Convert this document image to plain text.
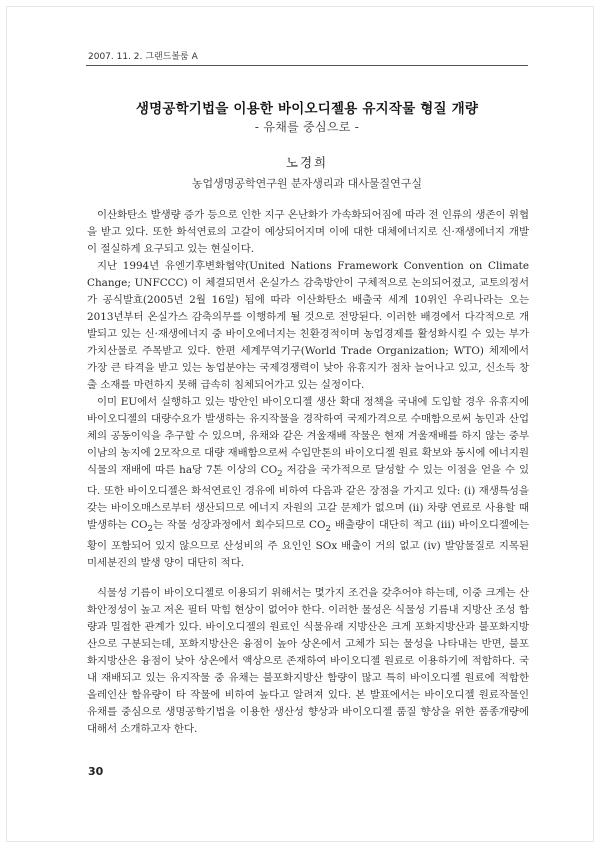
2007. 11. 2. 그랜드볼룸 A
생명공학기법을 이용한 바이오디젤용 유지작물 형질 개량
- 유채를 중심으로 -
노경희
농업생명공학연구원 분자생리과 대사물질연구실

이산화탄소 발생량 증가 등으로 인한 지구 온난화가 가속화되어짐에 따라 전 인류의 생존이 위협을 받고 있다. 또한 화석연료의 고갈이 예상되어지며 이에 대한 대체에너지로 신·재생에너지 개발이 절실하게 요구되고 있는 현실이다.

지난 1994년 유엔기후변화협약(United Nations Framework Convention on Climate Change; UNFCCC) 이 체결되면서 온실가스 감축방안이 구체적으로 논의되어졌고, 교토의정서가 공식발효(2005년 2월 16일) 됨에 따라 이산화탄소 배출국 세계 10위인 우리나라는 오는 2013년부터 온실가스 감축의무를 이행하게 될 것으로 전망된다. 이러한 배경에서 다각적으로 개발되고 있는 신·재생에너지 중 바이오에너지는 친환경적이며 농업경제를 활성화시킬 수 있는 부가가치산물로 주목받고 있다. 한편 세계무역기구(World Trade Organization; WTO) 체제에서 가장 큰 타격을 받고 있는 농업분야는 국제경쟁력이 낮아 유휴지가 점차 늘어나고 있고, 신소득 창출 소재를 마련하지 못해 급속히 침체되어가고 있는 실정이다.

이미 EU에서 실행하고 있는 방안인 바이오디젤 생산 확대 정책을 국내에 도입할 경우 유휴지에 바이오디젤의 대량수요가 발생하는 유지작물을 경작하여 국제가격으로 수매함으로써 농민과 산업체의 공동이익을 추구할 수 있으며, 유채와 같은 겨울재배 작물은 현재 겨울재배를 하지 않는 중부 이남의 농지에 2모작으로 대량 재배함으로써 수입만톤의 바이오디젤 원료 확보와 동시에 에너지원 식물의 재배에 따른 ha당 7톤 이상의 $CO_2$ 저감을 국가적으로 달성할 수 있는 이점을 얻을 수 있다. 또한 바이오디젤은 화석연료인 경유에 비하여 다음과 같은 장점을 가지고 있다: (i) 재생특성을 갖는 바이오매스로부터 생산되므로 에너지 자원의 고갈 문제가 없으며 (ii) 차량 연료로 사용할 때 발생하는 $CO_2$는 작물 성장과정에서 회수되므로 $CO_2$ 배출량이 대단히 적고 (iii) 바이오디젤에는 황이 포함되어 있지 않으므로 산성비의 주 요인인 SOx 배출이 거의 없고 (iv) 발암물질로 지목된 미세분진의 발생 양이 대단히 적다.

식물성 기름이 바이오디젤로 이용되기 위해서는 몇가지 조건을 갖추어야 하는데, 이중 크게는 산화안정성이 높고 저온 필터 막힘 현상이 없어야 한다. 이러한 물성은 식물성 기름내 지방산 조성 함량과 밀접한 관계가 있다. 바이오디젤의 원료인 식물유래 지방산은 크게 포화지방산과 불포화지방산으로 구분되는데, 포화지방산은 융점이 높아 상온에서 고체가 되는 물성을 나타내는 반면, 불포화지방산은 융점이 낮아 상온에서 액상으로 존재하여 바이오디젤 원료로 이용하기에 적합하다. 국내 재배되고 있는 유지작물 중 유채는 불포화지방산 함량이 많고 특히 바이오디젤 원료에 적합한 올레인산 함유량이 타 작물에 비하여 높다고 알려져 있다. 본 발표에서는 바이오디젤 원료작물인 유채를 중심으로 생명공학기법을 이용한 생산성 향상과 바이오디젤 품질 향상을 위한 품종개량에 대해서 소개하고자 한다.

30
